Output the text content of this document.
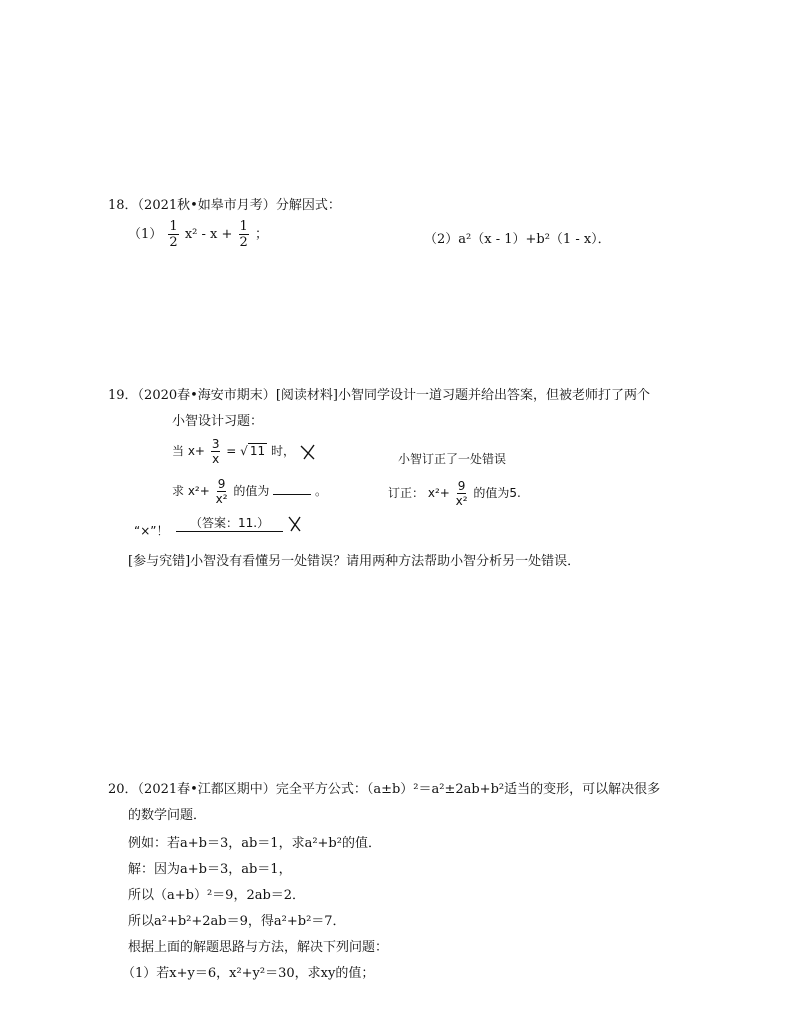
18．（2021秋•如皋市月考）分解因式：
$(1) \frac{1}{2} x^2 - x + \frac{1}{2}$ ；	（2）a²（x - 1）+b²（1 - x）．
19．（2020春•海安市期末）[阅读材料]小智同学设计一道习题并给出答案，但被老师打了两个
小智设计习题：
当 $x+ \frac{3}{x}$ = √ 11 时，
求 $x^2+ \frac{9}{\text{x²}}$ 的值为	。
“×”！
（答案：11.）
小智订正了一处错误
订正： $x^2+ \frac{9}{\text{x²}}$ 的值为5.
[参与究错]小智没有看懂另一处错误？请用两种方法帮助小智分析另一处错误．
20．（2021春•江都区期中）完全平方公式：（a±b）²＝a²±2ab+b²适当的变形，可以解决很多
的数学问题．
例如：若a+b＝3，ab＝1，求a²+b²的值．
解：因为a+b＝3，ab＝1，
所以（a+b）²＝9，2ab＝2．
所以a²+b²+2ab＝9，得a²+b²＝7．
根据上面的解题思路与方法，解决下列问题：
（1）若x+y＝6，x²+y²＝30，求xy的值；
